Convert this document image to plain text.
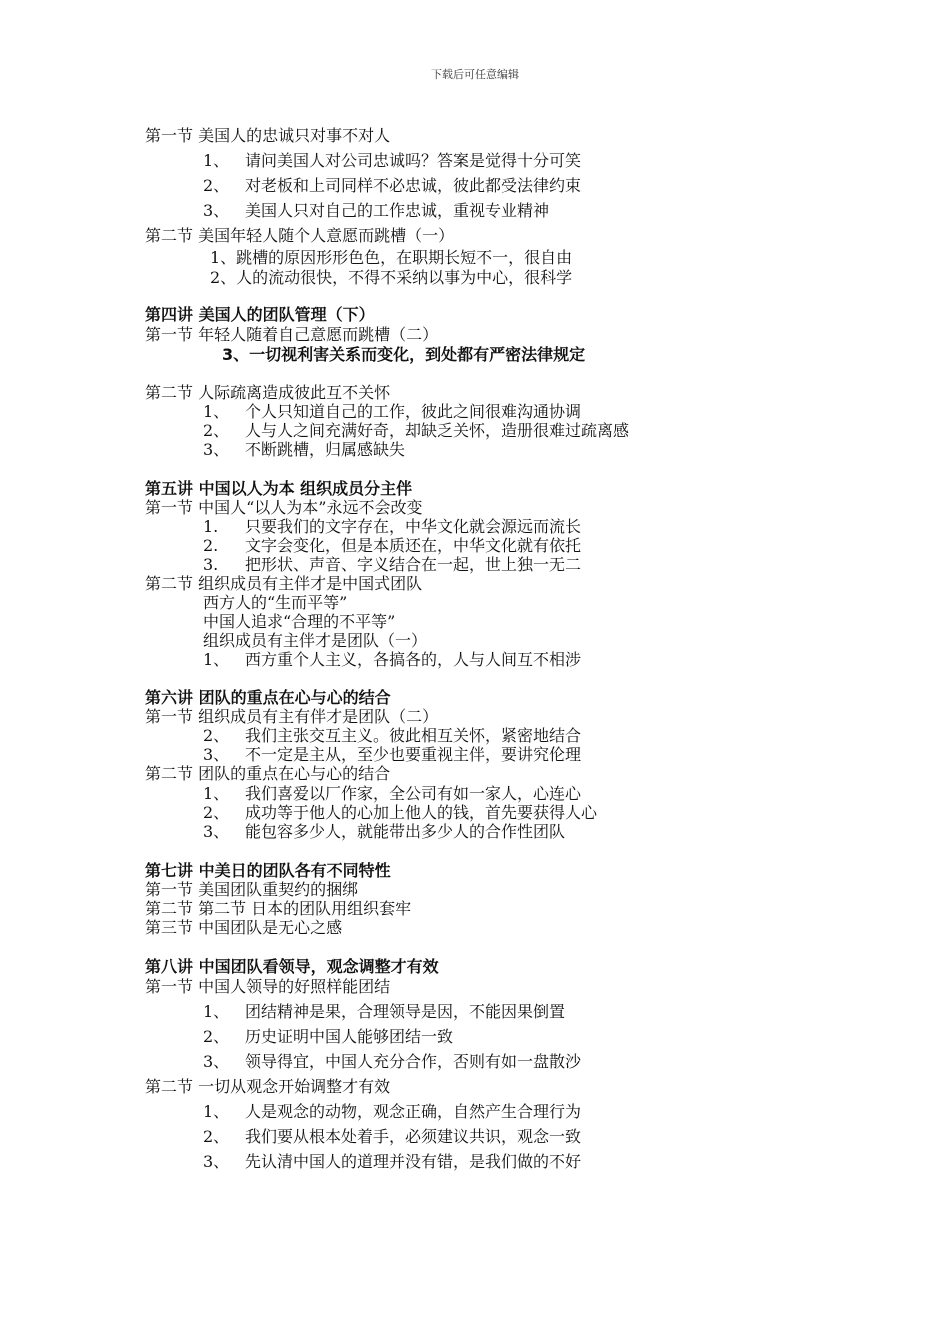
下载后可任意编辑
第一节 美国人的忠诚只对事不对人
1、 请问美国人对公司忠诚吗？答案是觉得十分可笑
2、 对老板和上司同样不必忠诚，彼此都受法律约束
3、 美国人只对自己的工作忠诚，重视专业精神
第二节 美国年轻人随个人意愿而跳槽（一）
1、跳槽的原因形形色色，在职期长短不一，很自由
2、人的流动很快，不得不采纳以事为中心，很科学
第四讲 美国人的团队管理（下）
第一节 年轻人随着自己意愿而跳槽（二）
3、一切视利害关系而变化，到处都有严密法律规定
第二节 人际疏离造成彼此互不关怀
1、 个人只知道自己的工作，彼此之间很难沟通协调
2、 人与人之间充满好奇，却缺乏关怀，造册很难过疏离感
3、 不断跳槽，归属感缺失
第五讲 中国以人为本 组织成员分主伴
第一节 中国人“以人为本”永远不会改变
1. 只要我们的文字存在，中华文化就会源远而流长
2. 文字会变化，但是本质还在，中华文化就有依托
3. 把形状、声音、字义结合在一起，世上独一无二
第二节 组织成员有主伴才是中国式团队
西方人的“生而平等”
中国人追求“合理的不平等”
组织成员有主伴才是团队（一）
1、 西方重个人主义，各搞各的，人与人间互不相涉
第六讲 团队的重点在心与心的结合
第一节 组织成员有主有伴才是团队（二）
2、 我们主张交互主义。彼此相互关怀，紧密地结合
3、 不一定是主从，至少也要重视主伴，要讲究伦理
第二节 团队的重点在心与心的结合
1、 我们喜爱以厂作家，全公司有如一家人，心连心
2、 成功等于他人的心加上他人的钱，首先要获得人心
3、 能包容多少人，就能带出多少人的合作性团队
第七讲 中美日的团队各有不同特性
第一节 美国团队重契约的捆绑
第二节 第二节 日本的团队用组织套牢
第三节 中国团队是无心之感
第八讲 中国团队看领导，观念调整才有效
第一节 中国人领导的好照样能团结
1、 团结精神是果，合理领导是因，不能因果倒置
2、 历史证明中国人能够团结一致
3、 领导得宜，中国人充分合作，否则有如一盘散沙
第二节 一切从观念开始调整才有效
1、 人是观念的动物，观念正确，自然产生合理行为
2、 我们要从根本处着手，必须建议共识，观念一致
3、 先认清中国人的道理并没有错，是我们做的不好
